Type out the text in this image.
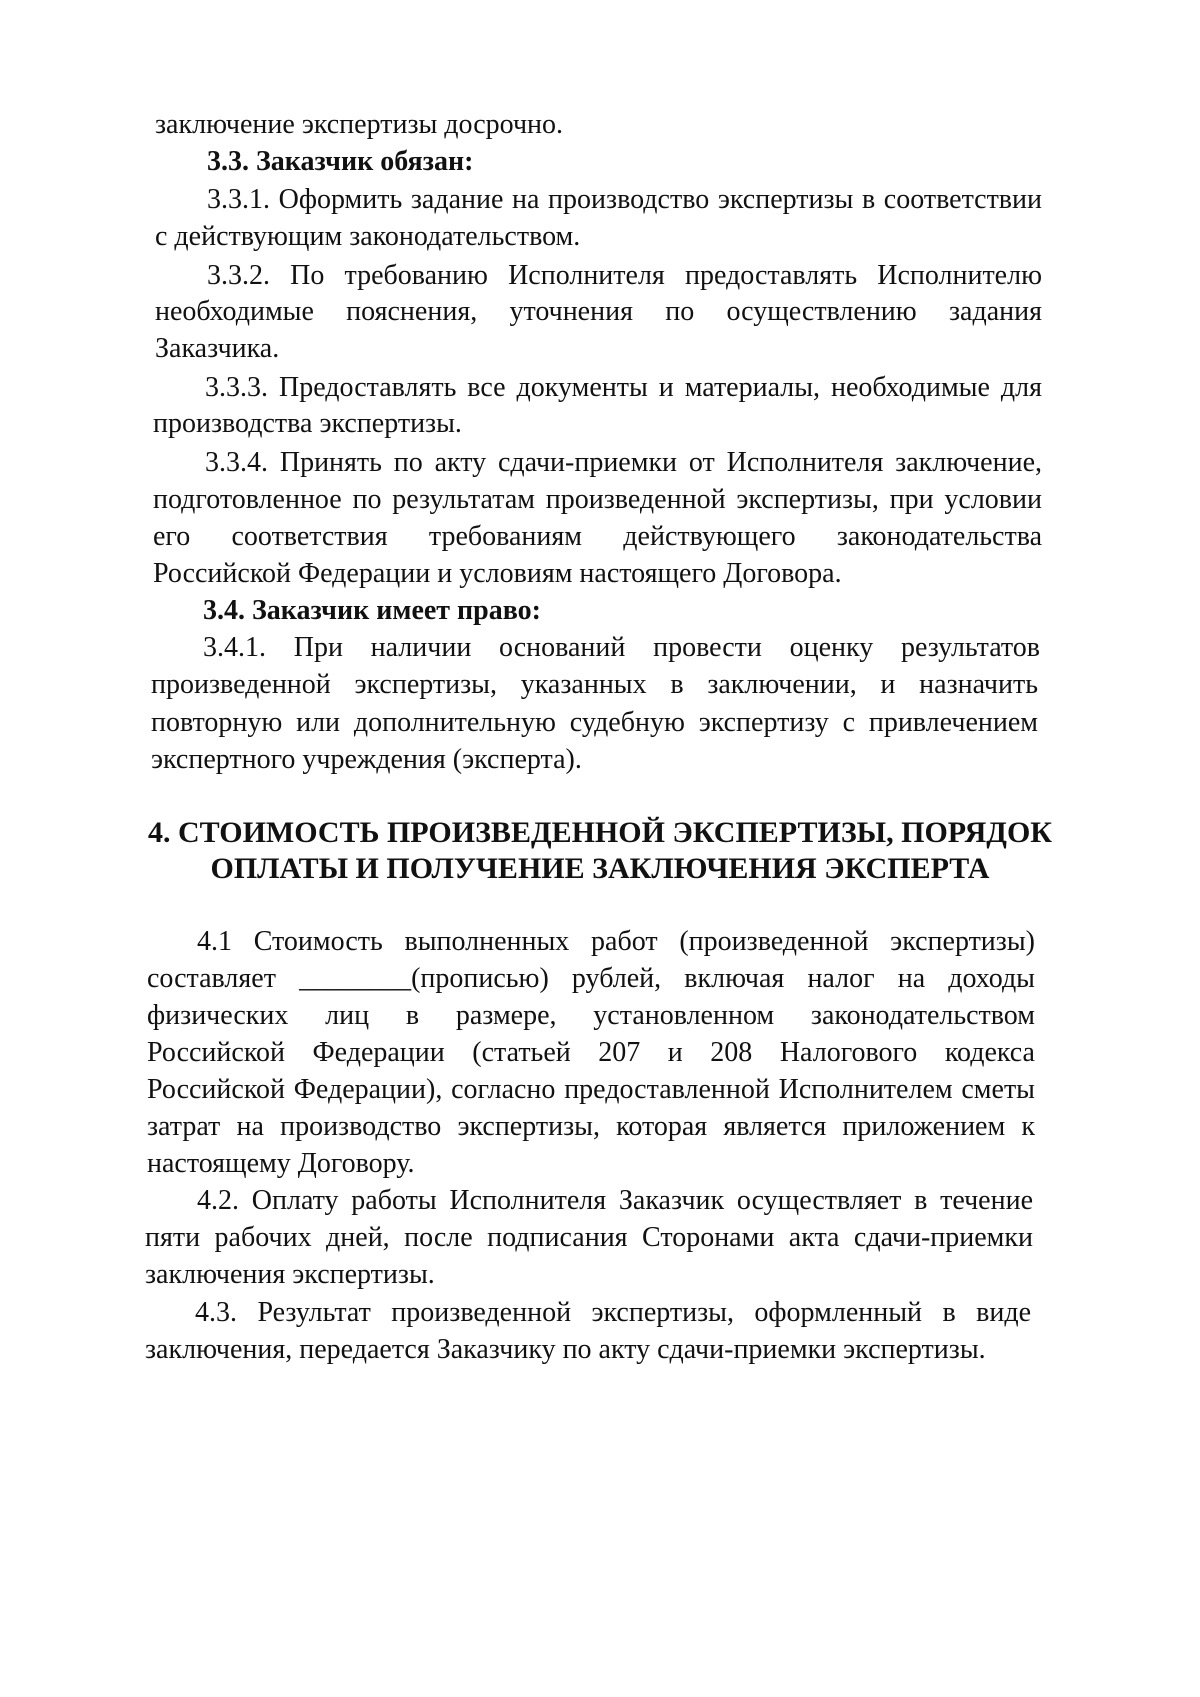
заключение экспертизы досрочно.
3.3. Заказчик обязан:
3.3.1. Оформить задание на производство экспертизы в соответствии
с действующим законодательством.
3.3.2. По требованию Исполнителя предоставлять Исполнителю
необходимые пояснения, уточнения по осуществлению задания
Заказчика.
3.3.3. Предоставлять все документы и материалы, необходимые для
производства экспертизы.
3.3.4. Принять по акту сдачи-приемки от Исполнителя заключение,
подготовленное по результатам произведенной экспертизы, при условии
его соответствия требованиям действующего законодательства
Российской Федерации и условиям настоящего Договора.
3.4. Заказчик имеет право:
3.4.1. При наличии оснований провести оценку результатов
произведенной экспертизы, указанных в заключении, и назначить
повторную или дополнительную судебную экспертизу с привлечением
экспертного учреждения (эксперта).
4. СТОИМОСТЬ ПРОИЗВЕДЕННОЙ ЭКСПЕРТИЗЫ, ПОРЯДОК
ОПЛАТЫ И ПОЛУЧЕНИЕ ЗАКЛЮЧЕНИЯ ЭКСПЕРТА
4.1 Стоимость выполненных работ (произведенной экспертизы)
составляет ________(прописью) рублей, включая налог на доходы
физических лиц в размере, установленном законодательством
Российской Федерации (статьей 207 и 208 Налогового кодекса
Российской Федерации), согласно предоставленной Исполнителем сметы
затрат на производство экспертизы, которая является приложением к
настоящему Договору.
4.2. Оплату работы Исполнителя Заказчик осуществляет в течение
пяти рабочих дней, после подписания Сторонами акта сдачи-приемки
заключения экспертизы.
4.3. Результат произведенной экспертизы, оформленный в виде
заключения, передается Заказчику по акту сдачи-приемки экспертизы.
